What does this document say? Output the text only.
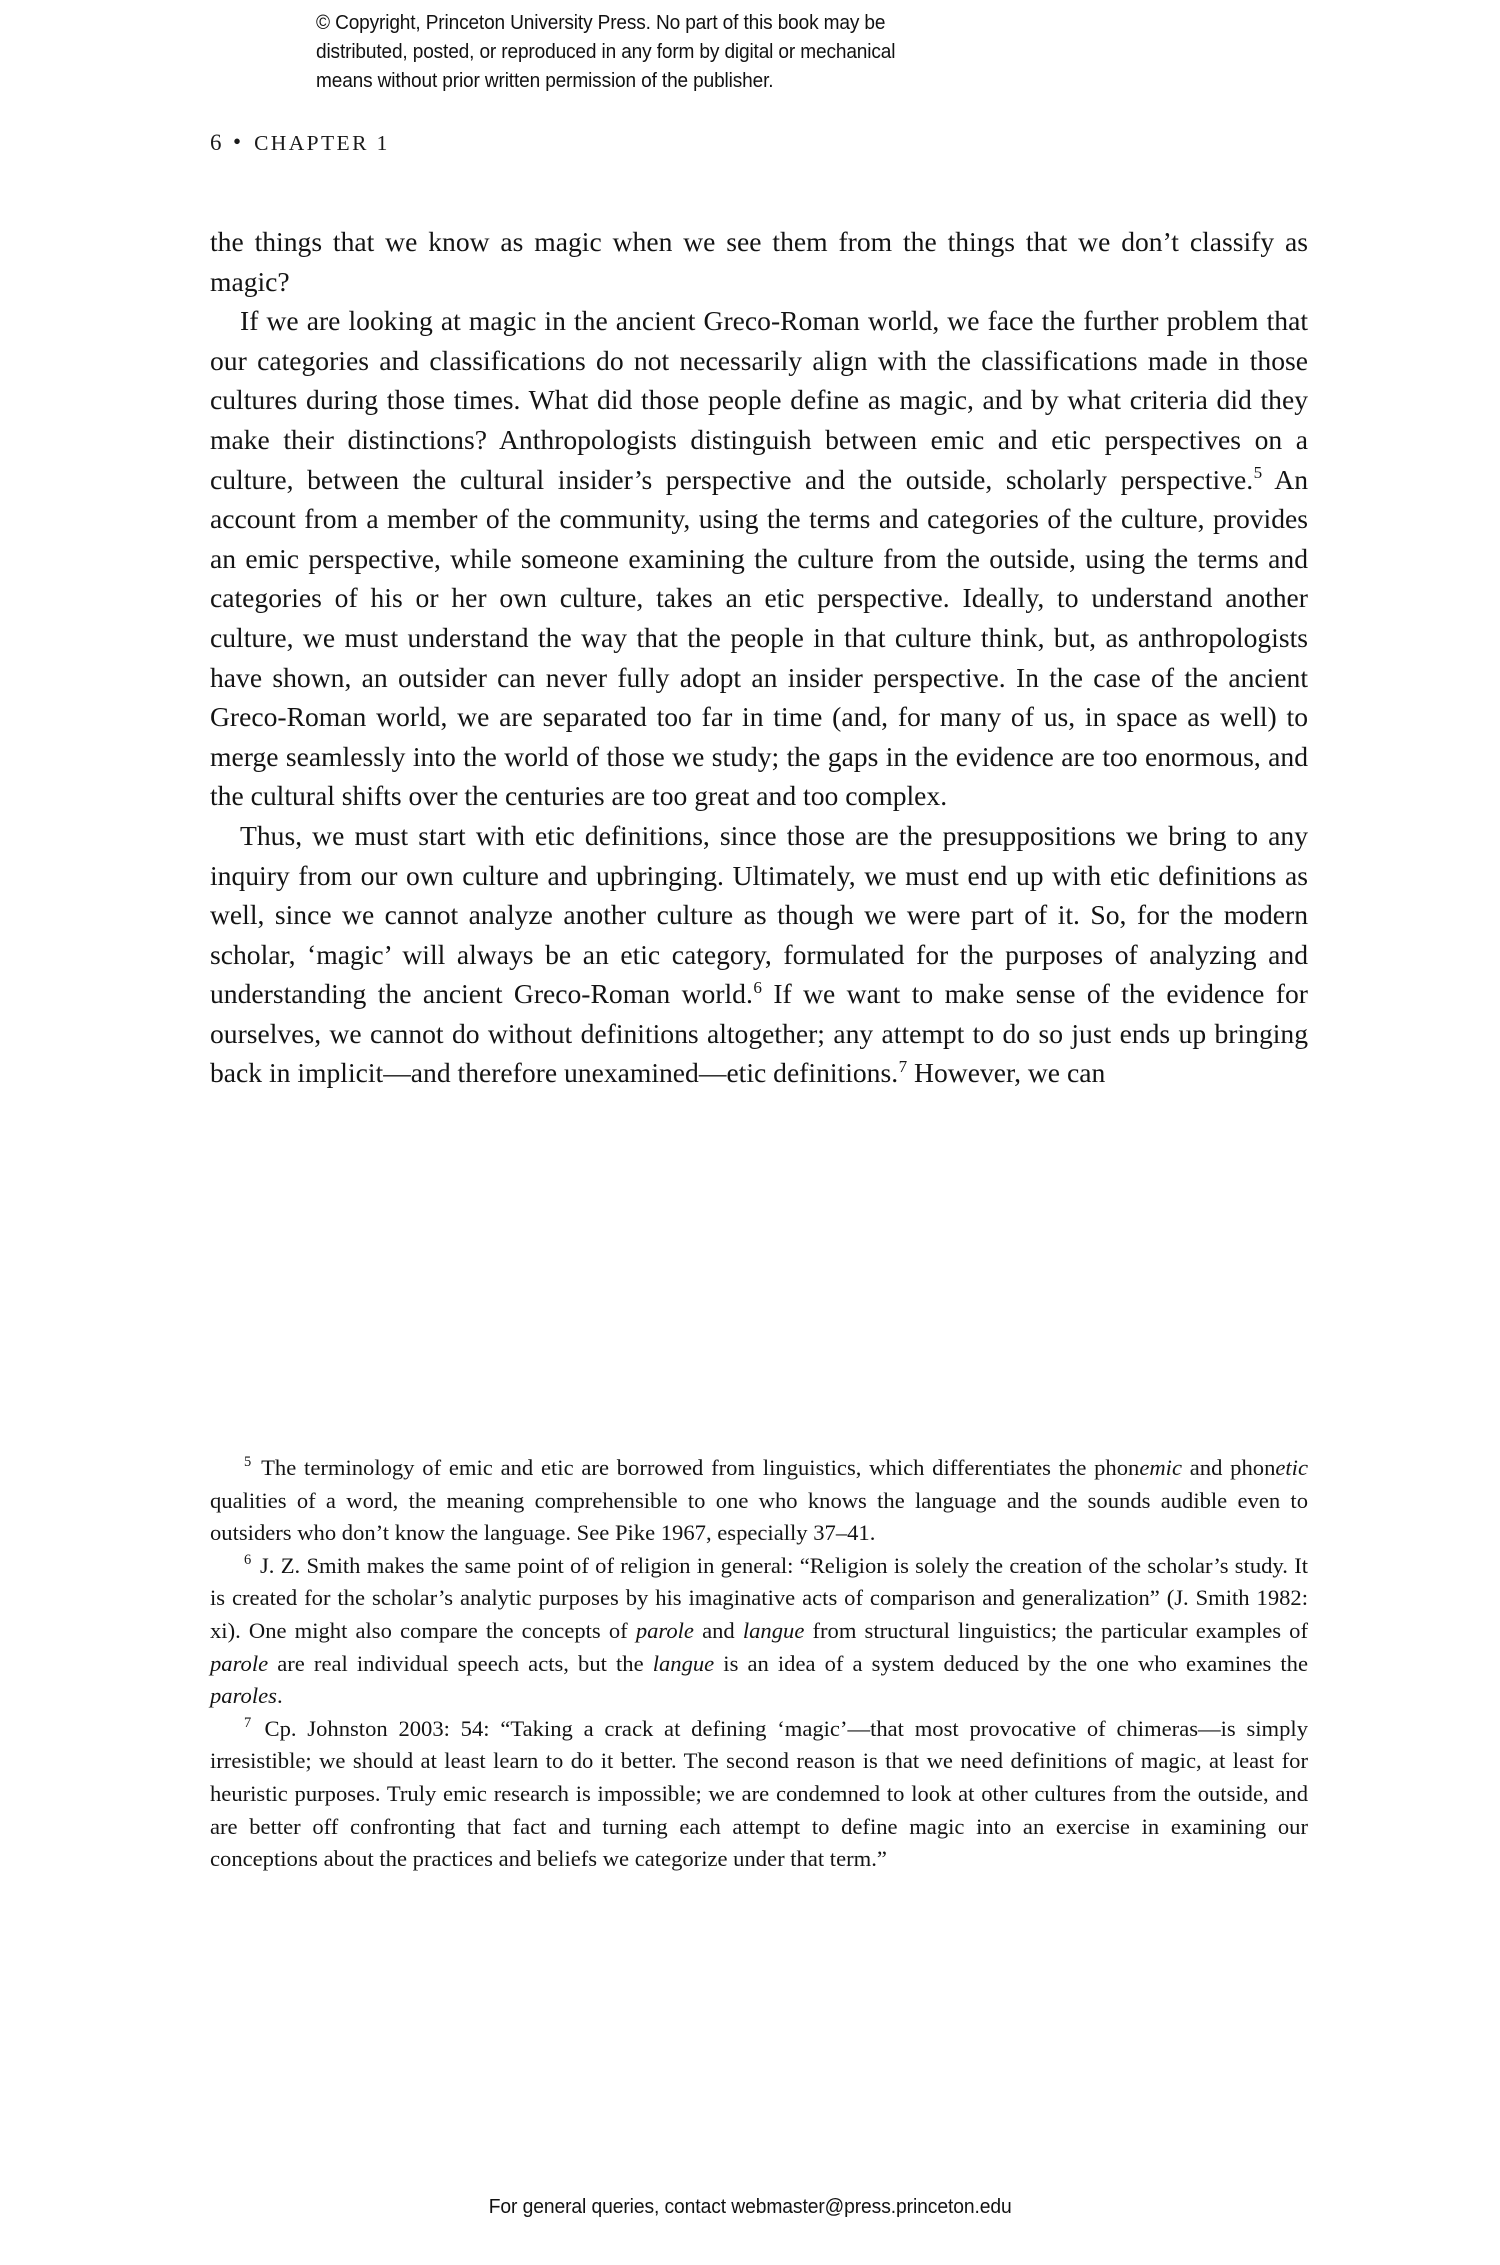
© Copyright, Princeton University Press. No part of this book may be
distributed, posted, or reproduced in any form by digital or mechanical
means without prior written permission of the publisher.
6 • CHAPTER 1

the things that we know as magic when we see them from the things that we don’t classify as magic?

If we are looking at magic in the ancient Greco-Roman world, we face the further problem that our categories and classifications do not necessarily align with the classifications made in those cultures during those times. What did those people define as magic, and by what criteria did they make their distinctions? Anthropologists distinguish between emic and etic perspectives on a culture, between the cultural insider’s perspective and the outside, scholarly perspective.$^5$ An account from a member of the community, using the terms and categories of the culture, provides an emic perspective, while someone examining the culture from the outside, using the terms and categories of his or her own culture, takes an etic perspective. Ideally, to understand another culture, we must understand the way that the people in that culture think, but, as anthropologists have shown, an outsider can never fully adopt an insider perspective. In the case of the ancient Greco-Roman world, we are separated too far in time (and, for many of us, in space as well) to merge seamlessly into the world of those we study; the gaps in the evidence are too enormous, and the cultural shifts over the centuries are too great and too complex.

Thus, we must start with etic definitions, since those are the presuppositions we bring to any inquiry from our own culture and upbringing. Ultimately, we must end up with etic definitions as well, since we cannot analyze another culture as though we were part of it. So, for the modern scholar, ‘magic’ will always be an etic category, formulated for the purposes of analyzing and understanding the ancient Greco-Roman world.$^6$ If we want to make sense of the evidence for ourselves, we cannot do without definitions altogether; any attempt to do so just ends up bringing back in implicit—and therefore unexamined—etic definitions.$^7$ However, we can

$^5$ The terminology of emic and etic are borrowed from linguistics, which differentiates the phonemic and phonetic qualities of a word, the meaning comprehensible to one who knows the language and the sounds audible even to outsiders who don’t know the language. See Pike 1967, especially 37–41.

$^6$ J. Z. Smith makes the same point of of religion in general: “Religion is solely the creation of the scholar’s study. It is created for the scholar’s analytic purposes by his imaginative acts of comparison and generalization” (J. Smith 1982: xi). One might also compare the concepts of parole and langue from structural linguistics; the particular examples of parole are real individual speech acts, but the langue is an idea of a system deduced by the one who examines the paroles.

$^7$ Cp. Johnston 2003: 54: “Taking a crack at defining ‘magic’—that most provocative of chimeras—is simply irresistible; we should at least learn to do it better. The second reason is that we need definitions of magic, at least for heuristic purposes. Truly emic research is impossible; we are condemned to look at other cultures from the outside, and are better off confronting that fact and turning each attempt to define magic into an exercise in examining our conceptions about the practices and beliefs we categorize under that term.”

For general queries, contact webmaster@press.princeton.edu
